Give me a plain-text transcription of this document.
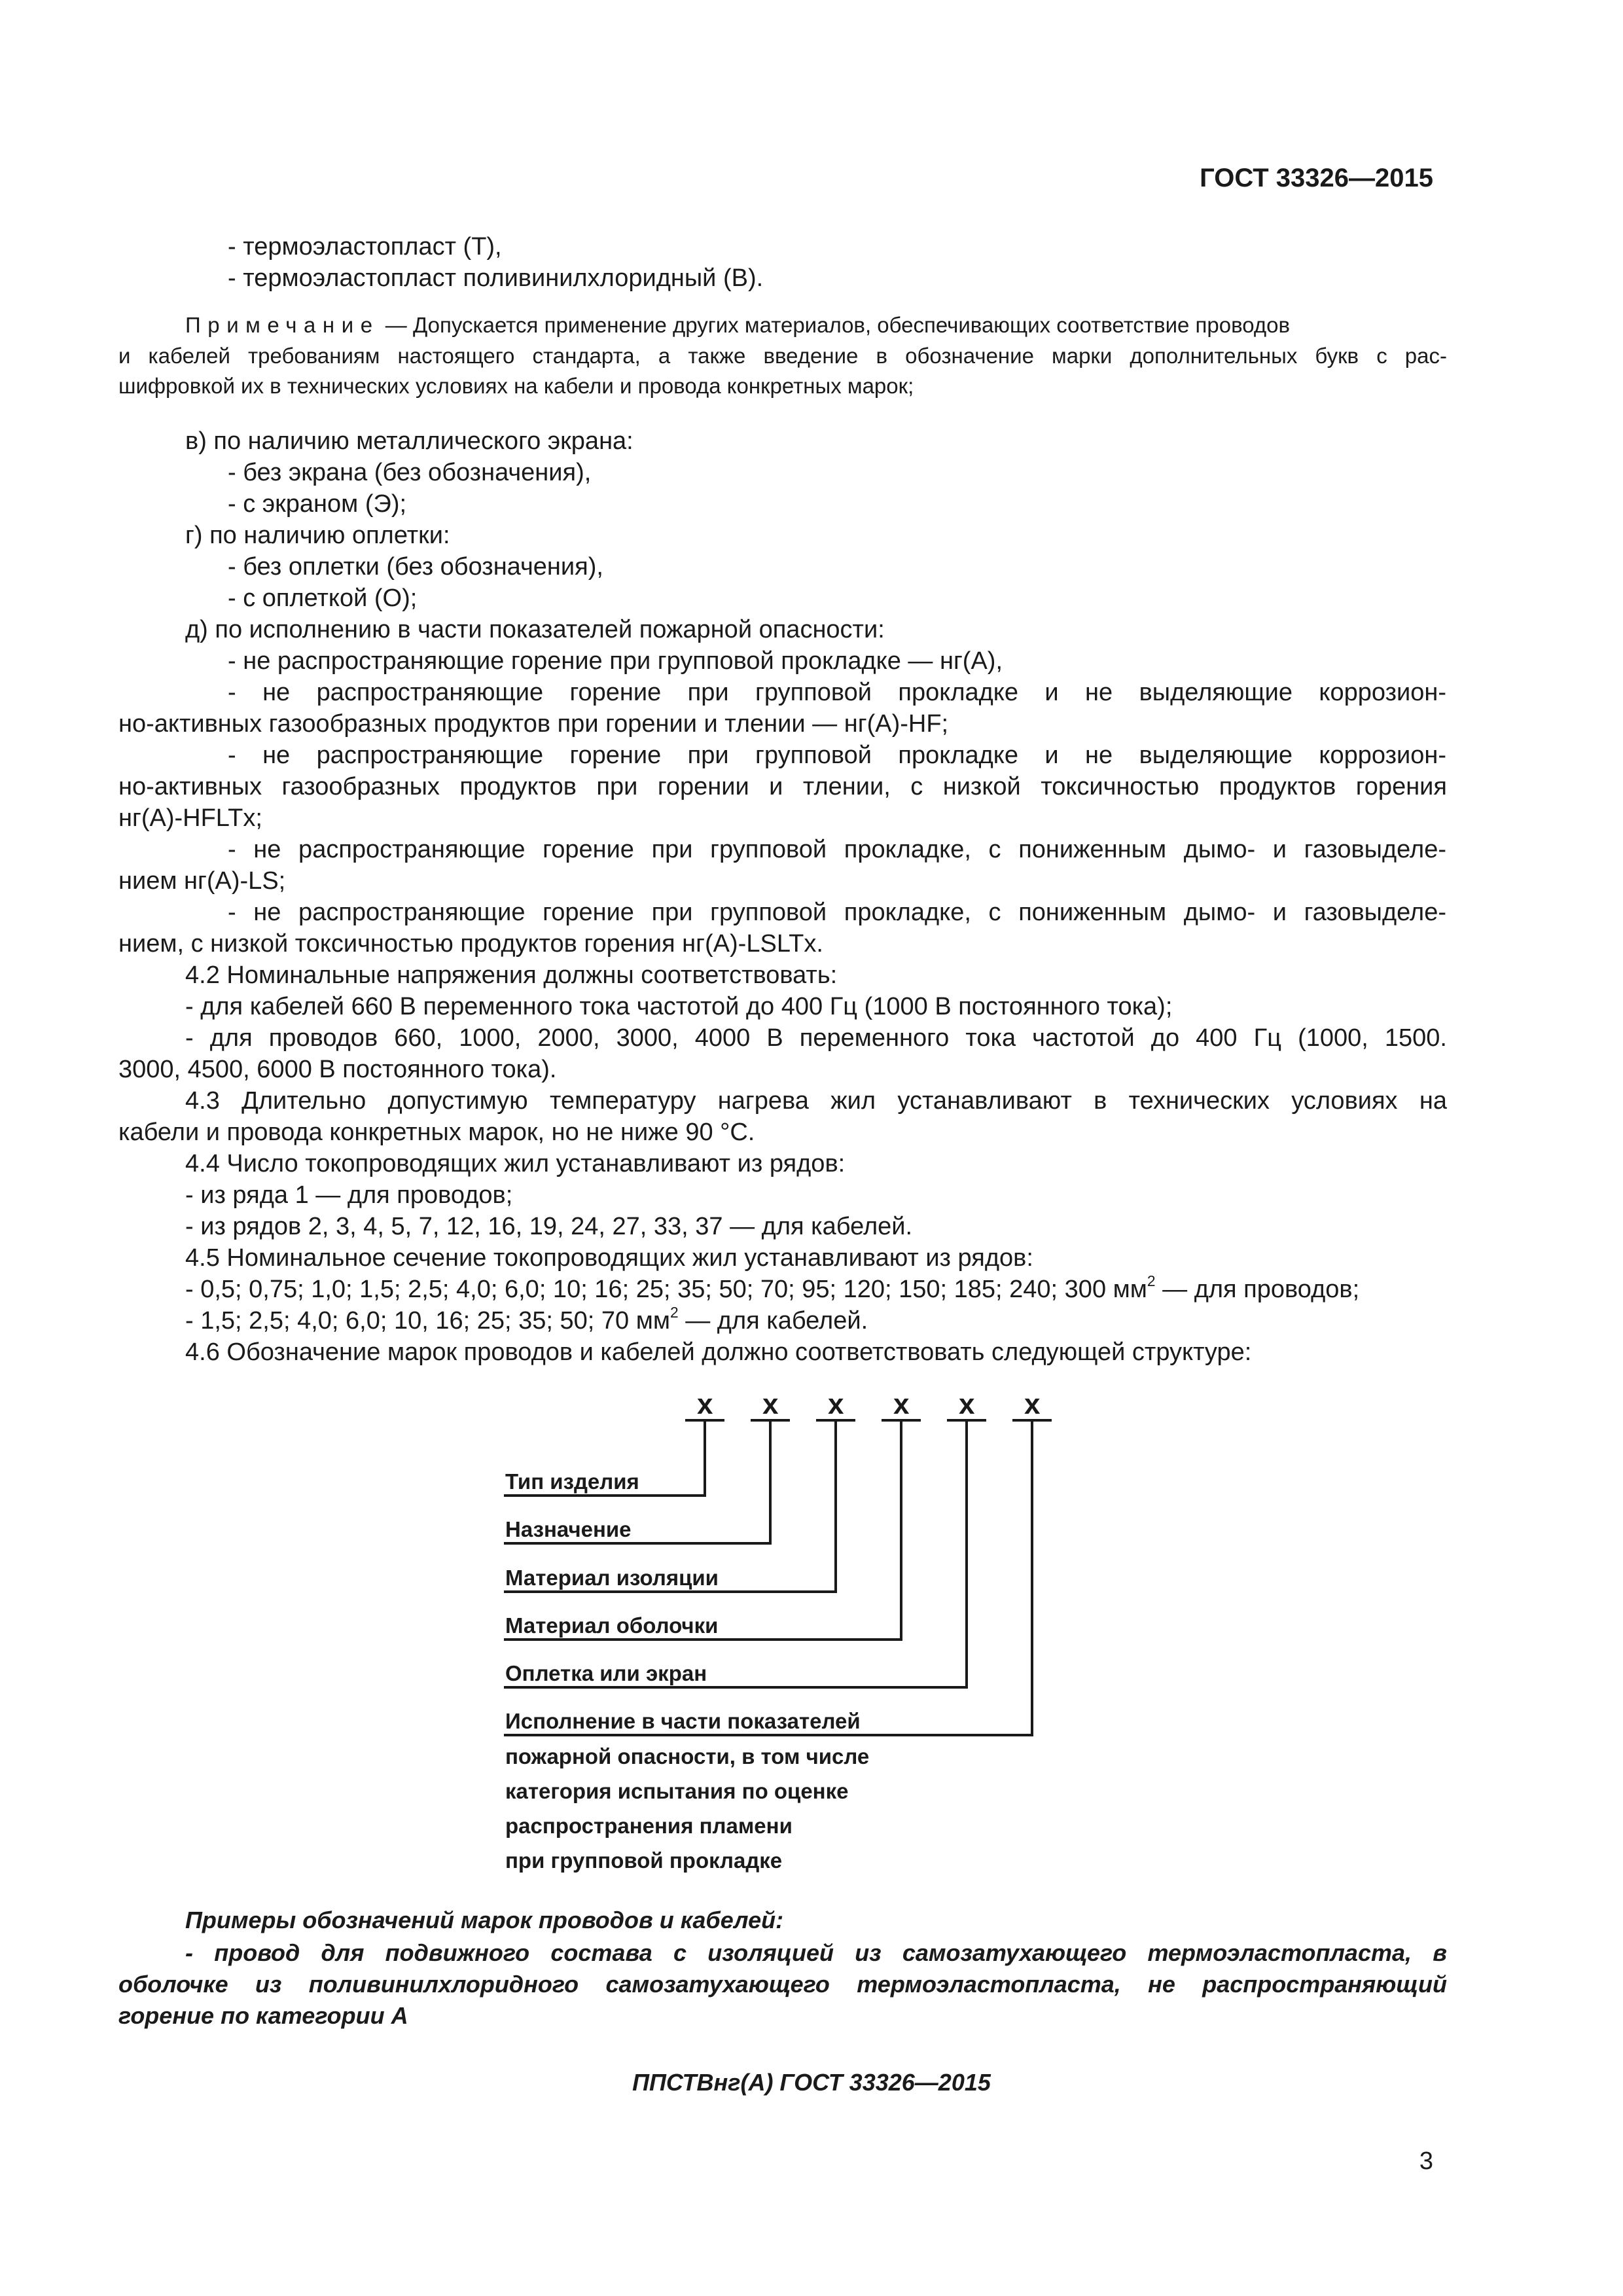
ГОСТ 33326—2015
- термоэластопласт (Т),
- термоэластопласт поливинилхлоридный (В).
Примечание — Допускается применение других материалов, обеспечивающих соответствие проводов
и кабелей требованиям настоящего стандарта, а также введение в обозначение марки дополнительных букв с рас-
шифровкой их в технических условиях на кабели и провода конкретных марок;
в) по наличию металлического экрана:
- без экрана (без обозначения),
- с экраном (Э);
г) по наличию оплетки:
- без оплетки (без обозначения),
- с оплеткой (О);
д) по исполнению в части показателей пожарной опасности:
- не распространяющие горение при групповой прокладке — нг(А),
- не распространяющие горение при групповой прокладке и не выделяющие коррозион-
но-активных газообразных продуктов при горении и тлении — нг(А)-HF;
- не распространяющие горение при групповой прокладке и не выделяющие коррозион-
но-активных газообразных продуктов при горении и тлении, с низкой токсичностью продуктов горения
нг(А)-HFLTx;
- не распространяющие горение при групповой прокладке, с пониженным дымо- и газовыделе-
нием нг(А)-LS;
- не распространяющие горение при групповой прокладке, с пониженным дымо- и газовыделе-
нием, с низкой токсичностью продуктов горения нг(А)-LSLTx.
4.2 Номинальные напряжения должны соответствовать:
- для кабелей 660 В переменного тока частотой до 400 Гц (1000 В постоянного тока);
- для проводов 660, 1000, 2000, 3000, 4000 В переменного тока частотой до 400 Гц (1000, 1500.
3000, 4500, 6000 В постоянного тока).
4.3 Длительно допустимую температуру нагрева жил устанавливают в технических условиях на
кабели и провода конкретных марок, но не ниже 90 °C.
4.4 Число токопроводящих жил устанавливают из рядов:
- из ряда 1 — для проводов;
- из рядов 2, 3, 4, 5, 7, 12, 16, 19, 24, 27, 33, 37 — для кабелей.
4.5 Номинальное сечение токопроводящих жил устанавливают из рядов:
- 0,5; 0,75; 1,0; 1,5; 2,5; 4,0; 6,0; 10; 16; 25; 35; 50; 70; 95; 120; 150; 185; 240; 300 $мм^2$ — для проводов;
- 1,5; 2,5; 4,0; 6,0; 10, 16; 25; 35; 50; 70 $мм^2$ — для кабелей.
4.6 Обозначение марок проводов и кабелей должно соответствовать следующей структуре:
x x x x x x
Тип изделия
Назначение
Материал изоляции
Материал оболочки
Оплетка или экран
Исполнение в части показателей
пожарной опасности, в том числе
категория испытания по оценке
распространения пламени
при групповой прокладке
Примеры обозначений марок проводов и кабелей:
- провод для подвижного состава с изоляцией из самозатухающего термоэластопласта, в
оболочке из поливинилхлоридного самозатухающего термоэластопласта, не распространяющий
горение по категории А
ППСТВнг(А) ГОСТ 33326—2015
3
